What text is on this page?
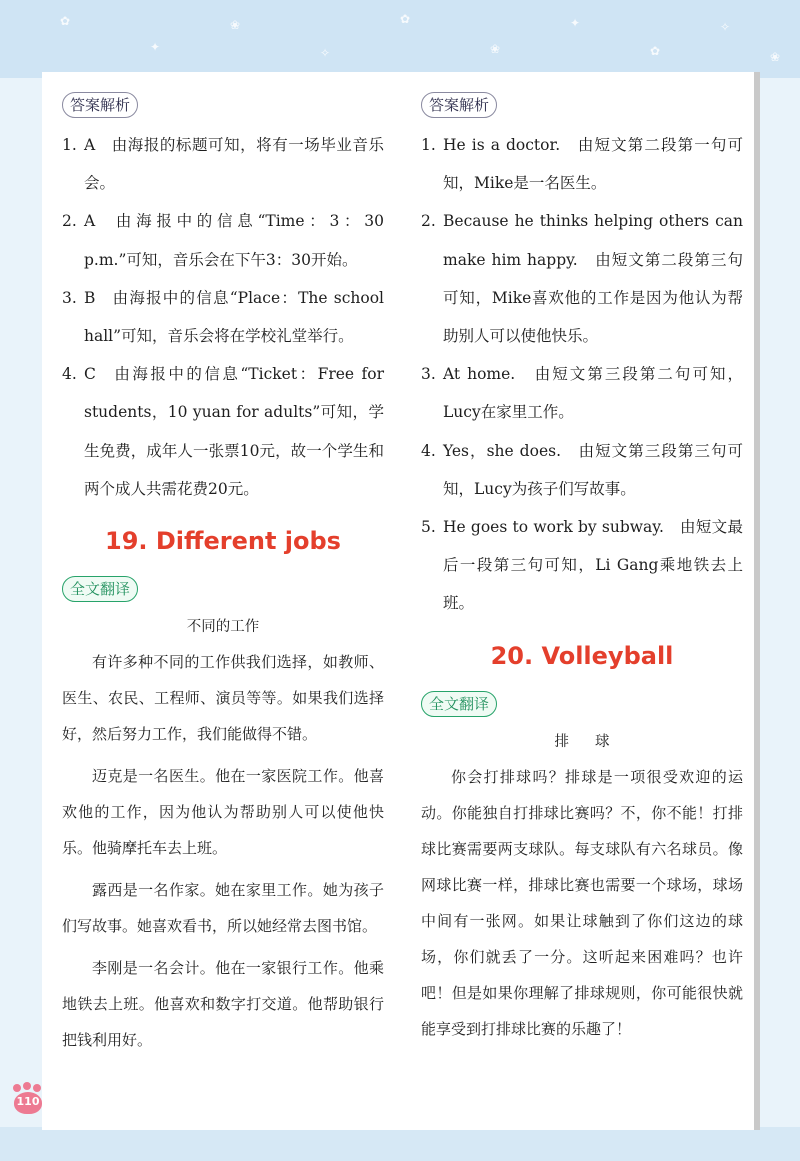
✿
✦
❀
✧
✿
❀
✦
✿
✧
❀
答案解析
1. A 由海报的标题可知，将有一场毕业音乐会。
2. A 由海报中的信息“Time：3：30 p.m.”可知，音乐会在下午3：30开始。
3. B 由海报中的信息“Place：The school hall”可知，音乐会将在学校礼堂举行。
4. C 由海报中的信息“Ticket：Free for students，10 yuan for adults”可知，学生免费，成年人一张票10元，故一个学生和两个成人共需花费20元。
19. Different jobs
全文翻译
不同的工作

有许多种不同的工作供我们选择，如教师、医生、农民、工程师、演员等等。如果我们选择好，然后努力工作，我们能做得不错。

迈克是一名医生。他在一家医院工作。他喜欢他的工作，因为他认为帮助别人可以使他快乐。他骑摩托车去上班。

露西是一名作家。她在家里工作。她为孩子们写故事。她喜欢看书，所以她经常去图书馆。

李刚是一名会计。他在一家银行工作。他乘地铁去上班。他喜欢和数字打交道。他帮助银行把钱利用好。

答案解析
1. He is a doctor.　由短文第二段第一句可知，Mike是一名医生。
2. Because he thinks helping others can make him happy.　由短文第二段第三句可知，Mike喜欢他的工作是因为他认为帮助别人可以使他快乐。
3. At home.　由短文第三段第二句可知，Lucy在家里工作。
4. Yes，she does.　由短文第三段第三句可知，Lucy为孩子们写故事。
5. He goes to work by subway.　由短文最后一段第三句可知，Li Gang乘地铁去上班。
20. Volleyball
全文翻译
排球

你会打排球吗？排球是一项很受欢迎的运动。你能独自打排球比赛吗？不，你不能！打排球比赛需要两支球队。每支球队有六名球员。像网球比赛一样，排球比赛也需要一个球场，球场中间有一张网。如果让球触到了你们这边的球场，你们就丢了一分。这听起来困难吗？也许吧！但是如果你理解了排球规则，你可能很快就能享受到打排球比赛的乐趣了！

110
